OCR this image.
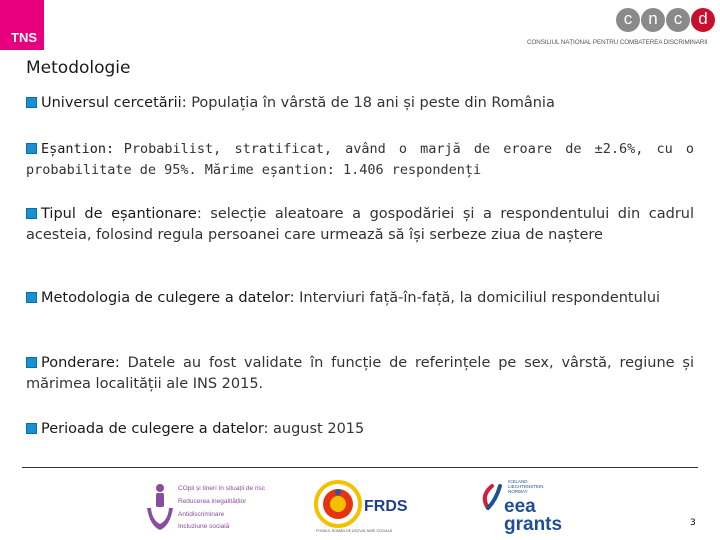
TNS
c n c d
CONSILIUL NAȚIONAL PENTRU COMBATEREA DISCRIMINĂRII
Metodologie
Universul cercetării: Populația în vârstă de 18 ani și peste din România
Eșantion: Probabilist, stratificat, având o marjă de eroare de ±2.6%, cu o probabilitate de 95%. Mărime eșantion: 1.406 respondenți
Tipul de eșantionare: selecție aleatoare a gospodăriei și a respondentului din cadrul acesteia, folosind regula persoanei care urmează să își serbeze ziua de naștere
Metodologia de culegere a datelor: Interviuri față-în-față, la domiciliul respondentului
Ponderare: Datele au fost validate în funcție de referințele pe sex, vârstă, regiune și mărimea localității ale INS 2015.
Perioada de culegere a datelor: august 2015
COpii și tineri în situații de risc
Reducerea inegalităților
Antidiscriminare
Incluziune socială
FRDS
FONDUL ROMÂN DE DEZVOLTARE SOCIALĂ
ICELAND
LIECHTENSTEIN
NORWAY
eea
grants	3
